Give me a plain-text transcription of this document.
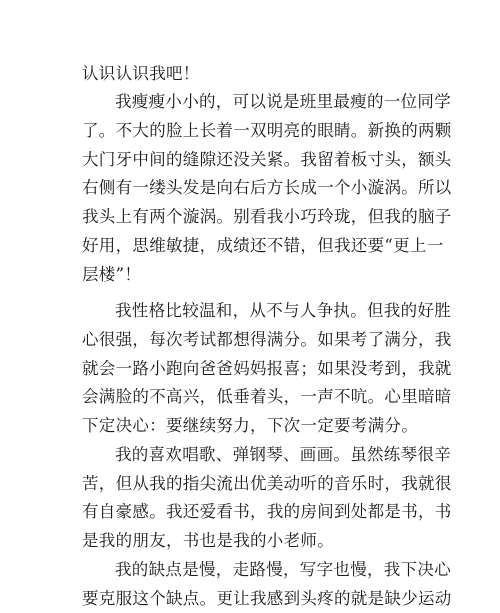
认识认识我吧！
我瘦瘦小小的，可以说是班里最瘦的一位同学
了。不大的脸上长着一双明亮的眼睛。新换的两颗
大门牙中间的缝隙还没关紧。我留着板寸头，额头
右侧有一缕头发是向右后方长成一个小漩涡。所以
我头上有两个漩涡。别看我小巧玲珑，但我的脑子
好用，思维敏捷，成绩还不错，但我还要“更上一
层楼”！
我性格比较温和，从不与人争执。但我的好胜
心很强，每次考试都想得满分。如果考了满分，我
就会一路小跑向爸爸妈妈报喜；如果没考到，我就
会满脸的不高兴，低垂着头，一声不吭。心里暗暗
下定决心：要继续努力，下次一定要考满分。
我的喜欢唱歌、弹钢琴、画画。虽然练琴很辛
苦，但从我的指尖流出优美动听的音乐时，我就很
有自豪感。我还爱看书，我的房间到处都是书，书
是我的朋友，书也是我的小老师。
我的缺点是慢，走路慢，写字也慢，我下决心
要克服这个缺点。更让我感到头疼的就是缺少运动
